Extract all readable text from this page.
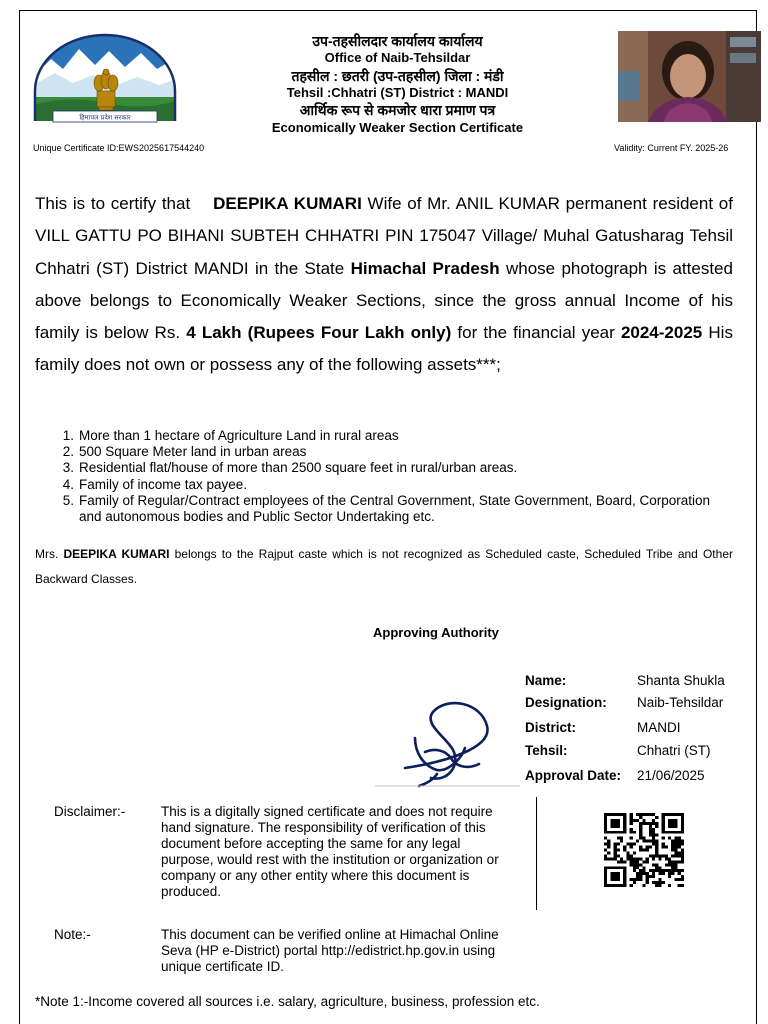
हिमाचल प्रदेश सरकार
उप-तहसीलदार कार्यालय कार्यालय
Office of Naib-Tehsildar
तहसील : छतरी (उप-तहसील) जिला : मंडी
Tehsil :Chhatri (ST) District : MANDI
आर्थिक रूप से कमजोर धारा प्रमाण पत्र
Economically Weaker Section Certificate
Unique Certificate ID:EWS2025617544240	Validity: Current FY. 2025-26
This is to certify that DEEPIKA KUMARI Wife of Mr. ANIL KUMAR permanent resident of VILL GATTU PO BIHANI SUBTEH CHHATRI PIN 175047 Village/ Muhal Gatusharag Tehsil Chhatri (ST) District MANDI in the State Himachal Pradesh whose photograph is attested above belongs to Economically Weaker Sections, since the gross annual Income of his family is below Rs. 4 Lakh (Rupees Four Lakh only) for the financial year 2024-2025 His family does not own or possess any of the following assets***;
1. More than 1 hectare of Agriculture Land in rural areas
2. 500 Square Meter land in urban areas
3. Residential flat/house of more than 2500 square feet in rural/urban areas.
4. Family of income tax payee.
5. Family of Regular/Contract employees of the Central Government, State Government, Board, Corporation and autonomous bodies and Public Sector Undertaking etc.
Mrs. DEEPIKA KUMARI belongs to the Rajput caste which is not recognized as Scheduled caste, Scheduled Tribe and Other Backward Classes.
Approving Authority
Name:	Shanta Shukla
Designation: Naib-Tehsildar
District:	MANDI
Tehsil:	Chhatri (ST)
Approval Date: 21/06/2025
Disclaimer:-	This is a digitally signed certificate and does not require hand signature. The responsibility of verification of this document before accepting the same for any legal purpose, would rest with the institution or organization or company or any other entity where this document is produced.
Note:-	This document can be verified online at Himachal Online Seva (HP e-District) portal http://edistrict.hp.gov.in using unique certificate ID.
*Note 1:-Income covered all sources i.e. salary, agriculture, business, profession etc.
